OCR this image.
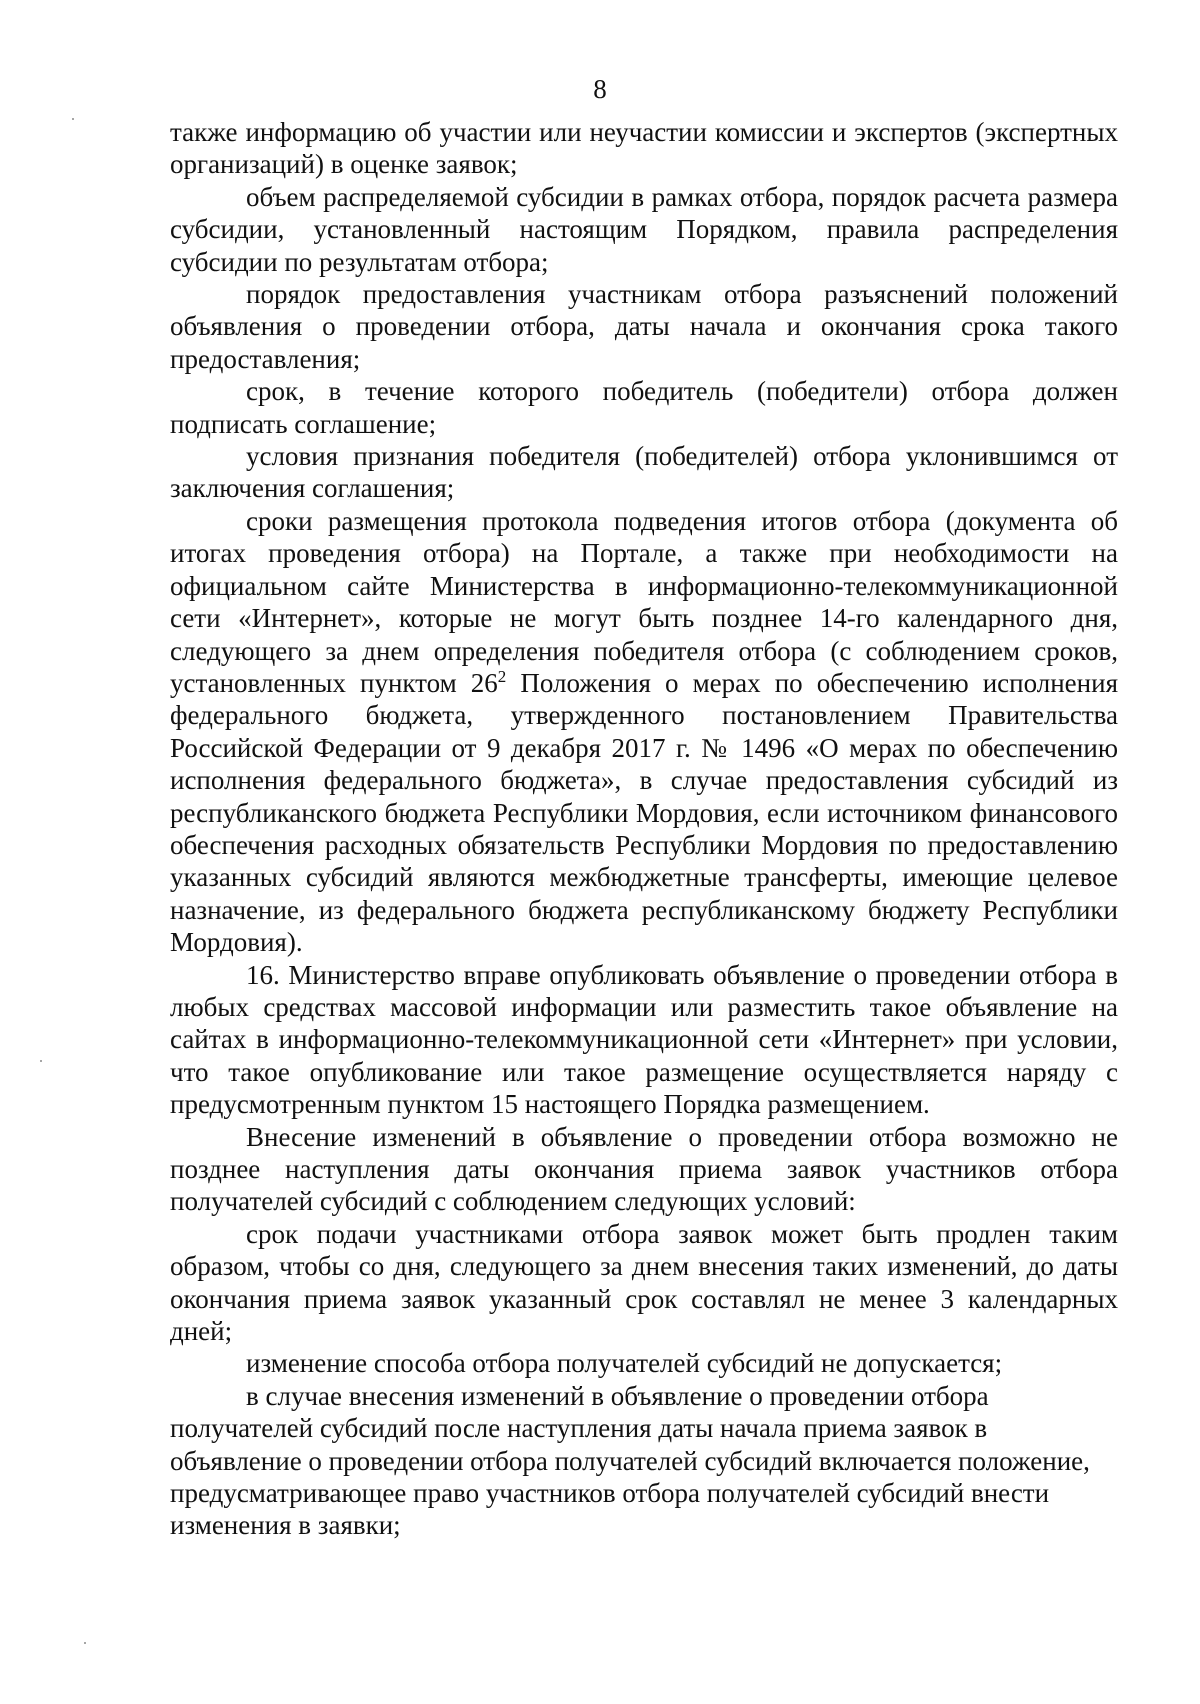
8

также информацию об участии или неучастии комиссии и экспертов (экспертных организаций) в оценке заявок;

объем распределяемой субсидии в рамках отбора, порядок расчета размера субсидии, установленный настоящим Порядком, правила распределения субсидии по результатам отбора;

порядок предоставления участникам отбора разъяснений положений объявления о проведении отбора, даты начала и окончания срока такого предоставления;

срок, в течение которого победитель (победители) отбора должен подписать соглашение;

условия признания победителя (победителей) отбора уклонившимся от заключения соглашения;

сроки размещения протокола подведения итогов отбора (документа об итогах проведения отбора) на Портале, а также при необходимости на официальном сайте Министерства в информационно-телекоммуникационной сети «Интернет», которые не могут быть позднее 14-го календарного дня, следующего за днем определения победителя отбора (с соблюдением сроков, установленных пунктом $26^2$ Положения о мерах по обеспечению исполнения федерального бюджета, утвержденного постановлением Правительства Российской Федерации от 9 декабря 2017 г. № 1496 «О мерах по обеспечению исполнения федерального бюджета», в случае предоставления субсидий из республиканского бюджета Республики Мордовия, если источником финансового обеспечения расходных обязательств Республики Мордовия по предоставлению указанных субсидий являются межбюджетные трансферты, имеющие целевое назначение, из федерального бюджета республиканскому бюджету Республики Мордовия).

16. Министерство вправе опубликовать объявление о проведении отбора в любых средствах массовой информации или разместить такое объявление на сайтах в информационно-телекоммуникационной сети «Интернет» при условии, что такое опубликование или такое размещение осуществляется наряду с предусмотренным пунктом 15 настоящего Порядка размещением.

Внесение изменений в объявление о проведении отбора возможно не позднее наступления даты окончания приема заявок участников отбора получателей субсидий с соблюдением следующих условий:

срок подачи участниками отбора заявок может быть продлен таким образом, чтобы со дня, следующего за днем внесения таких изменений, до даты окончания приема заявок указанный срок составлял не менее 3 календарных дней;

изменение способа отбора получателей субсидий не допускается;

в случае внесения изменений в объявление о проведении отбора получателей субсидий после наступления даты начала приема заявок в объявление о проведении отбора получателей субсидий включается положение, предусматривающее право участников отбора получателей субсидий внести изменения в заявки;
